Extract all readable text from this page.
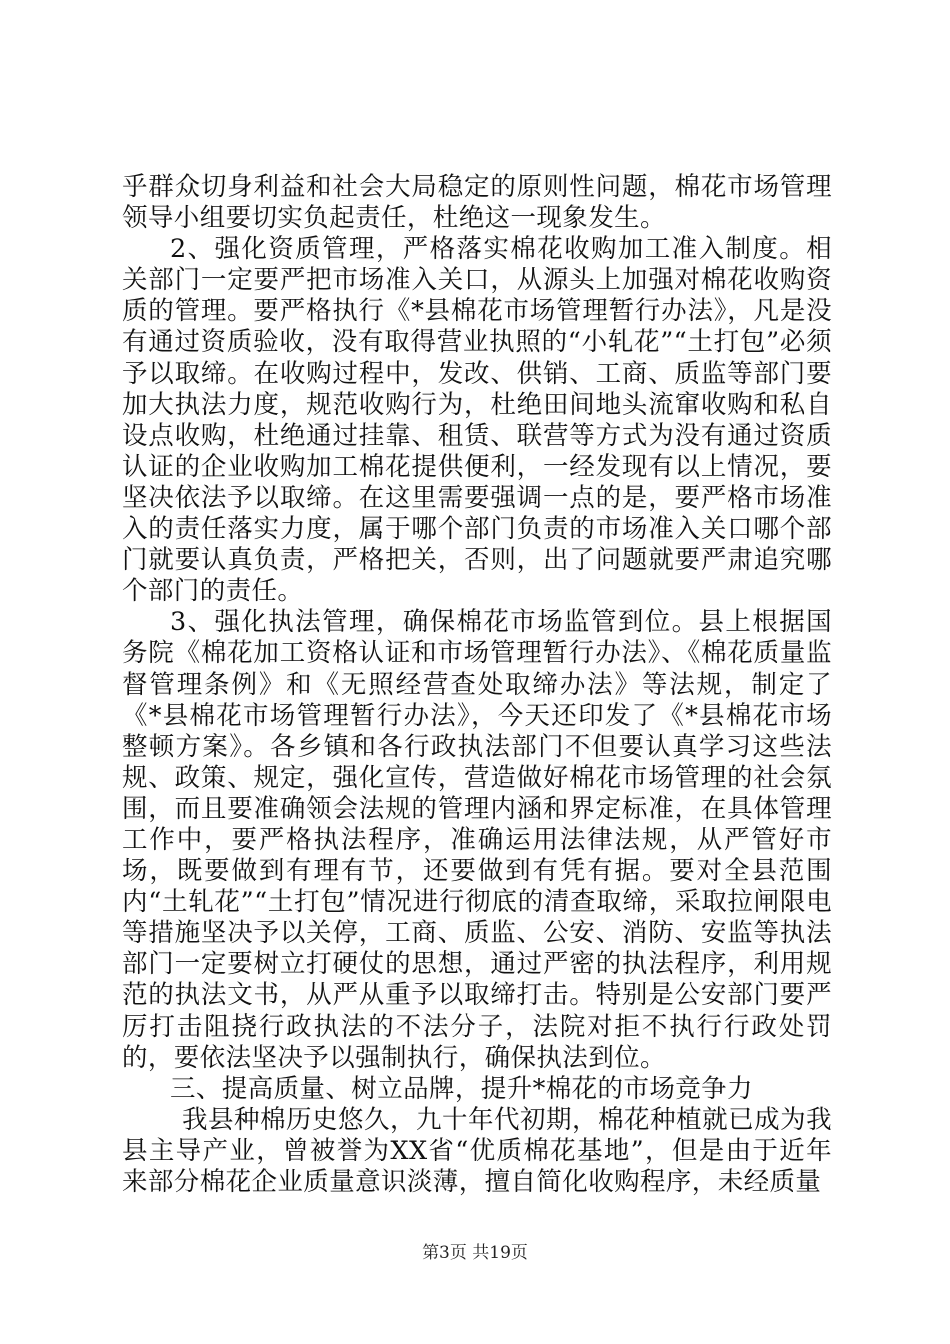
乎群众切身利益和社会大局稳定的原则性问题，棉花市场管理领导小组要切实负起责任，杜绝这一现象发生。

2、强化资质管理，严格落实棉花收购加工准入制度。相关部门一定要严把市场准入关口，从源头上加强对棉花收购资质的管理。要严格执行《*县棉花市场管理暂行办法》，凡是没有通过资质验收，没有取得营业执照的“小轧花”“土打包”必须予以取缔。在收购过程中，发改、供销、工商、质监等部门要加大执法力度，规范收购行为，杜绝田间地头流窜收购和私自设点收购，杜绝通过挂靠、租赁、联营等方式为没有通过资质认证的企业收购加工棉花提供便利，一经发现有以上情况，要坚决依法予以取缔。在这里需要强调一点的是，要严格市场准入的责任落实力度，属于哪个部门负责的市场准入关口哪个部门就要认真负责，严格把关，否则，出了问题就要严肃追究哪个部门的责任。

3、强化执法管理，确保棉花市场监管到位。县上根据国务院《棉花加工资格认证和市场管理暂行办法》、《棉花质量监督管理条例》和《无照经营查处取缔办法》等法规，制定了《*县棉花市场管理暂行办法》，今天还印发了《*县棉花市场整顿方案》。各乡镇和各行政执法部门不但要认真学习这些法规、政策、规定，强化宣传，营造做好棉花市场管理的社会氛围，而且要准确领会法规的管理内涵和界定标准，在具体管理工作中，要严格执法程序，准确运用法律法规，从严管好市场，既要做到有理有节，还要做到有凭有据。要对全县范围内“土轧花”“土打包”情况进行彻底的清查取缔，采取拉闸限电等措施坚决予以关停，工商、质监、公安、消防、安监等执法部门一定要树立打硬仗的思想，通过严密的执法程序，利用规范的执法文书，从严从重予以取缔打击。特别是公安部门要严厉打击阻挠行政执法的不法分子，法院对拒不执行行政处罚的，要依法坚决予以强制执行，确保执法到位。

三、提高质量、树立品牌，提升*棉花的市场竞争力

我县种棉历史悠久，九十年代初期，棉花种植就已成为我县主导产业，曾被誉为XX省“优质棉花基地”，但是由于近年来部分棉花企业质量意识淡薄，擅自简化收购程序，未经质量

第3页 共19页
